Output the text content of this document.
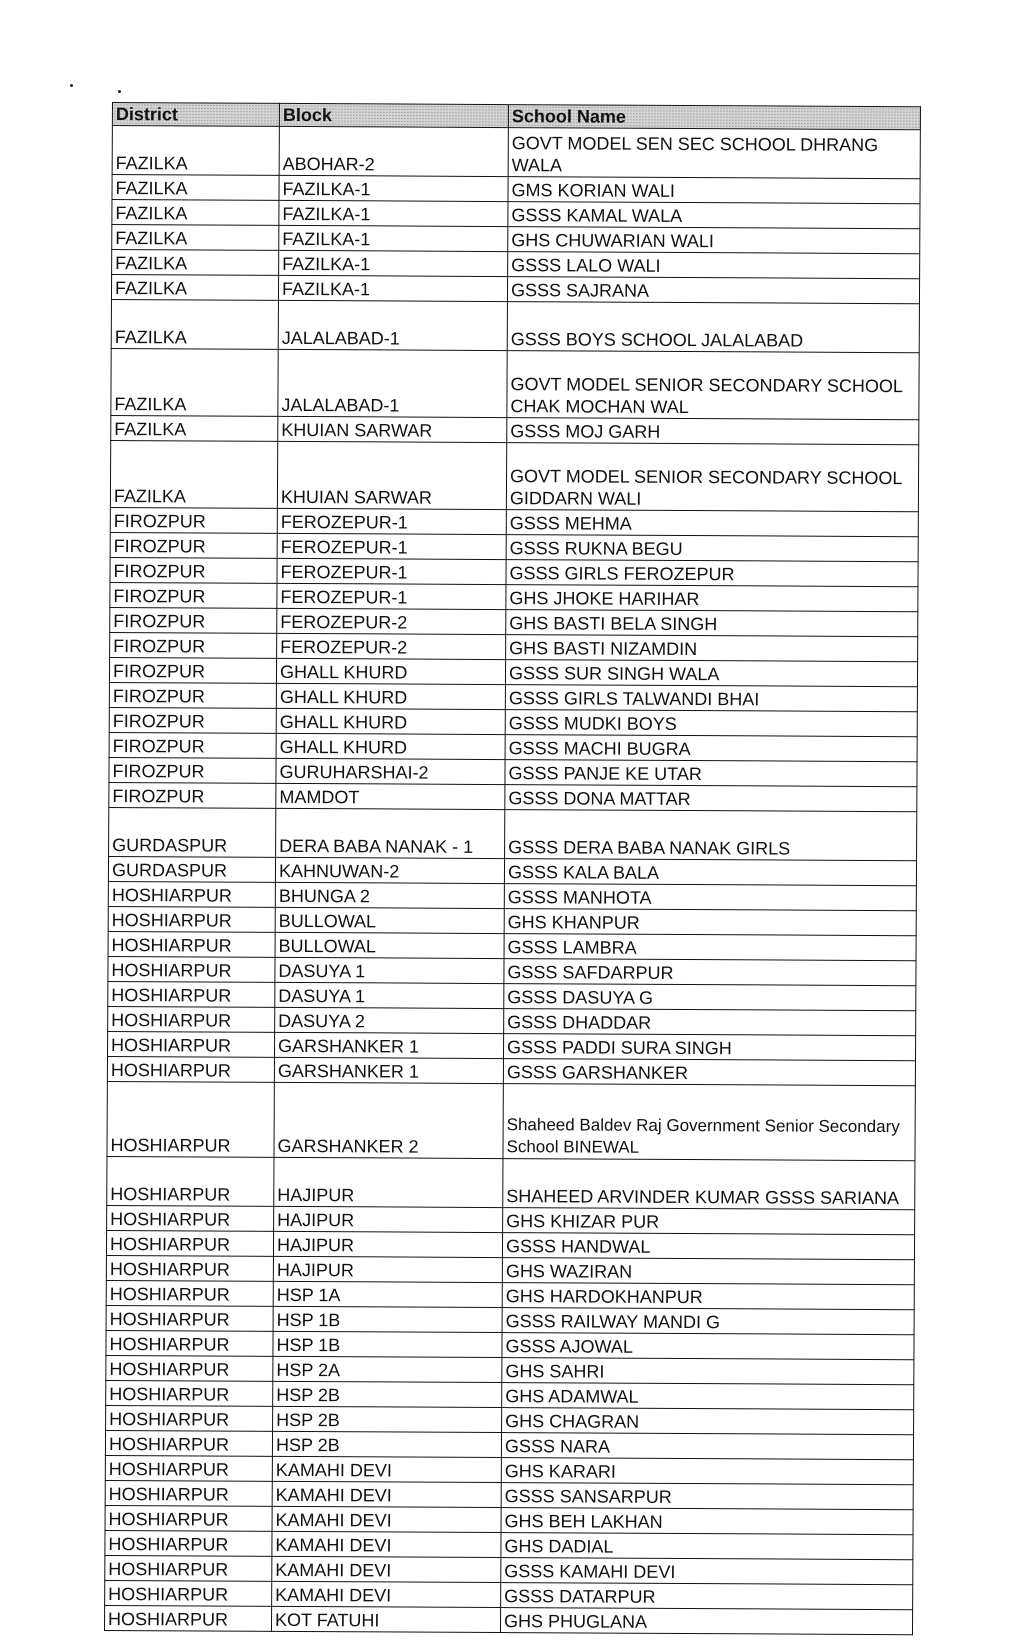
District	Block	School Name
FAZILKA	ABOHAR-2	GOVT MODEL SEN SEC SCHOOL DHRANG WALA
FAZILKA	FAZILKA-1	GMS KORIAN WALI
FAZILKA	FAZILKA-1	GSSS KAMAL WALA
FAZILKA	FAZILKA-1	GHS CHUWARIAN WALI
FAZILKA	FAZILKA-1	GSSS LALO WALI
FAZILKA	FAZILKA-1	GSSS SAJRANA
FAZILKA	JALALABAD-1	GSSS BOYS SCHOOL JALALABAD
FAZILKA	JALALABAD-1	GOVT MODEL SENIOR SECONDARY SCHOOL CHAK MOCHAN WAL
FAZILKA	KHUIAN SARWAR	GSSS MOJ GARH
FAZILKA	KHUIAN SARWAR	GOVT MODEL SENIOR SECONDARY SCHOOL GIDDARN WALI
FIROZPUR	FEROZEPUR-1	GSSS MEHMA
FIROZPUR	FEROZEPUR-1	GSSS RUKNA BEGU
FIROZPUR	FEROZEPUR-1	GSSS GIRLS FEROZEPUR
FIROZPUR	FEROZEPUR-1	GHS JHOKE HARIHAR
FIROZPUR	FEROZEPUR-2	GHS BASTI BELA SINGH
FIROZPUR	FEROZEPUR-2	GHS BASTI NIZAMDIN
FIROZPUR	GHALL KHURD	GSSS SUR SINGH WALA
FIROZPUR	GHALL KHURD	GSSS GIRLS TALWANDI BHAI
FIROZPUR	GHALL KHURD	GSSS MUDKI BOYS
FIROZPUR	GHALL KHURD	GSSS MACHI BUGRA
FIROZPUR	GURUHARSHAI-2	GSSS PANJE KE UTAR
FIROZPUR	MAMDOT	GSSS DONA MATTAR
GURDASPUR	DERA BABA NANAK - 1	GSSS DERA BABA NANAK GIRLS
GURDASPUR	KAHNUWAN-2	GSSS KALA BALA
HOSHIARPUR	BHUNGA 2	GSSS MANHOTA
HOSHIARPUR	BULLOWAL	GHS KHANPUR
HOSHIARPUR	BULLOWAL	GSSS LAMBRA
HOSHIARPUR	DASUYA 1	GSSS SAFDARPUR
HOSHIARPUR	DASUYA 1	GSSS DASUYA G
HOSHIARPUR	DASUYA 2	GSSS DHADDAR
HOSHIARPUR	GARSHANKER 1	GSSS PADDI SURA SINGH
HOSHIARPUR	GARSHANKER 1	GSSS GARSHANKER
HOSHIARPUR	GARSHANKER 2	Shaheed Baldev Raj Government Senior Secondary School BINEWAL
HOSHIARPUR	HAJIPUR	SHAHEED ARVINDER KUMAR GSSS SARIANA
HOSHIARPUR	HAJIPUR	GHS KHIZAR PUR
HOSHIARPUR	HAJIPUR	GSSS HANDWAL
HOSHIARPUR	HAJIPUR	GHS WAZIRAN
HOSHIARPUR	HSP 1A	GHS HARDOKHANPUR
HOSHIARPUR	HSP 1B	GSSS RAILWAY MANDI G
HOSHIARPUR	HSP 1B	GSSS AJOWAL
HOSHIARPUR	HSP 2A	GHS SAHRI
HOSHIARPUR	HSP 2B	GHS ADAMWAL
HOSHIARPUR	HSP 2B	GHS CHAGRAN
HOSHIARPUR	HSP 2B	GSSS NARA
HOSHIARPUR	KAMAHI DEVI	GHS KARARI
HOSHIARPUR	KAMAHI DEVI	GSSS SANSARPUR
HOSHIARPUR	KAMAHI DEVI	GHS BEH LAKHAN
HOSHIARPUR	KAMAHI DEVI	GHS DADIAL
HOSHIARPUR	KAMAHI DEVI	GSSS KAMAHI DEVI
HOSHIARPUR	KAMAHI DEVI	GSSS DATARPUR
HOSHIARPUR	KOT FATUHI	GHS PHUGLANA
